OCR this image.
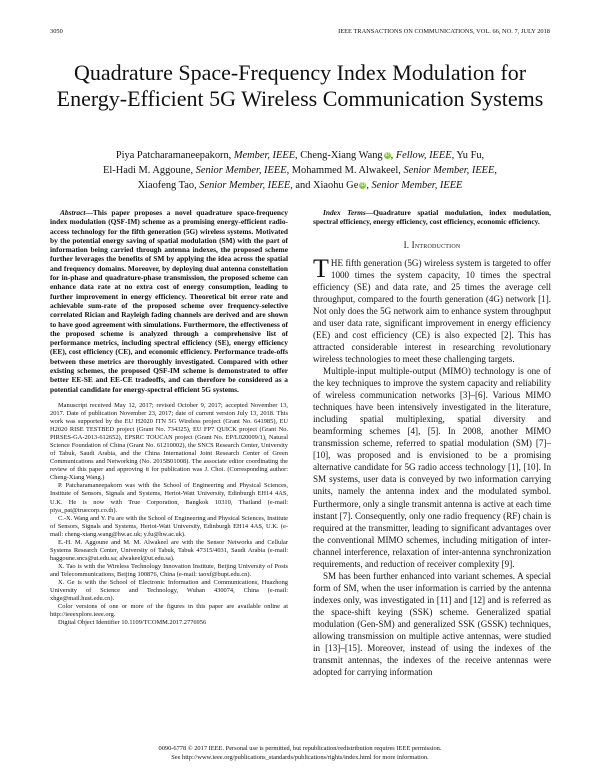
3050	IEEE TRANSACTIONS ON COMMUNICATIONS, VOL. 66, NO. 7, JULY 2018
Quadrature Space-Frequency Index Modulation for Energy-Efficient 5G Wireless Communication Systems
Piya Patcharamaneepakorn, Member, IEEE, Cheng-Xiang Wang iD, Fellow, IEEE, Yu Fu,
El-Hadi M. Aggoune, Senior Member, IEEE, Mohammed M. Alwakeel, Senior Member, IEEE,
Xiaofeng Tao, Senior Member, IEEE, and Xiaohu Ge iD, Senior Member, IEEE

Abstract—This paper proposes a novel quadrature space-frequency index modulation (QSF-IM) scheme as a promising energy-efficient radio-access technology for the fifth generation (5G) wireless systems. Motivated by the potential energy saving of spatial modulation (SM) with the part of information being carried through antenna indexes, the proposed scheme further leverages the benefits of SM by applying the idea across the spatial and frequency domains. Moreover, by deploying dual antenna constellation for in-phase and quadrature-phase transmission, the proposed scheme can enhance data rate at no extra cost of energy consumption, leading to further improvement in energy efficiency. Theoretical bit error rate and achievable sum-rate of the proposed scheme over frequency-selective correlated Rician and Rayleigh fading channels are derived and are shown to have good agreement with simulations. Furthermore, the effectiveness of the proposed scheme is analyzed through a comprehensive list of performance metrics, including spectral efficiency (SE), energy efficiency (EE), cost efficiency (CE), and economic efficiency. Performance trade-offs between these metrics are thoroughly investigated. Compared with other existing schemes, the proposed QSF-IM scheme is demonstrated to offer better EE-SE and EE-CE tradeoffs, and can therefore be considered as a potential candidate for energy-spectral efficient 5G systems.

Manuscript received May 12, 2017; revised October 9, 2017; accepted November 13, 2017. Date of publication November 23, 2017; date of current version July 13, 2018. This work was supported by the EU H2020 ITN 5G Wireless project (Grant No. 641985), EU H2020 RISE TESTBED project (Grant No. 734325), EU FP7 QUICK project (Grant No. PIRSES-GA-2013-612652), EPSRC TOUCAN project (Grant No. EP/L020009/1), Natural Science Foundation of China (Grant No. 61210002), the SNCS Research Center, University of Tabuk, Saudi Arabia, and the China International Joint Research Center of Green Communications and Networking (No. 2015B01008). The associate editor coordinating the review of this paper and approving it for publication was J. Choi. (Corresponding author: Cheng-Xiang Wang.)

P. Patcharamaneepakorn was with the School of Engineering and Physical Sciences, Institute of Sensors, Signals and Systems, Heriot-Watt University, Edinburgh EH14 4AS, U.K. He is now with True Corporation, Bangkok 10310, Thailand (e-mail: piya_pat@truecorp.co.th).

C.-X. Wang and Y. Fu are with the School of Engineering and Physical Sciences, Institute of Sensors, Signals and Systems, Heriot-Watt University, Edinburgh EH14 4AS, U.K. (e-mail: cheng-xiang.wang@hw.ac.uk; y.fu@hw.ac.uk).

E.-H. M. Aggoune and M. M. Alwakeel are with the Sensor Networks and Cellular Systems Research Center, University of Tabuk, Tabuk 47315/4031, Saudi Arabia (e-mail: haggoune.sncs@ut.edu.sa; alwakeel@ut.edu.sa).

X. Tao is with the Wireless Technology Innovation Institute, Beijing University of Posts and Telecommunications, Beijing 100876, China (e-mail: taoxf@bupt.edu.cn).

X. Ge is with the School of Electronic Information and Communications, Huazhong University of Science and Technology, Wuhan 430074, China (e-mail: xhge@mail.hust.edu.cn).

Color versions of one or more of the figures in this paper are available online at http://ieeexplore.ieee.org.

Digital Object Identifier 10.1109/TCOMM.2017.2776956

Index Terms—Quadrature spatial modulation, index modulation, spectral efficiency, energy efficiency, cost efficiency, economic efficiency.

I. Introduction

THE fifth generation (5G) wireless system is targeted to offer 1000 times the system capacity, 10 times the spectral efficiency (SE) and data rate, and 25 times the average cell throughput, compared to the fourth generation (4G) network [1]. Not only does the 5G network aim to enhance system throughput and user data rate, significant improvement in energy efficiency (EE) and cost efficiency (CE) is also expected [2]. This has attracted considerable interest in researching revolutionary wireless technologies to meet these challenging targets.

Multiple-input multiple-output (MIMO) technology is one of the key techniques to improve the system capacity and reliability of wireless communication networks [3]–[6]. Various MIMO techniques have been intensively investigated in the literature, including spatial multiplexing, spatial diversity and beamforming schemes [4], [5]. In 2008, another MIMO transmission scheme, referred to spatial modulation (SM) [7]–[10], was proposed and is envisioned to be a promising alternative candidate for 5G radio access technology [1], [10]. In SM systems, user data is conveyed by two information carrying units, namely the antenna index and the modulated symbol. Furthermore, only a single transmit antenna is active at each time instant [7]. Consequently, only one radio frequency (RF) chain is required at the transmitter, leading to significant advantages over the conventional MIMO schemes, including mitigation of inter-channel interference, relaxation of inter-antenna synchronization requirements, and reduction of receiver complexity [9].

SM has been further enhanced into variant schemes. A special form of SM, when the user information is carried by the antenna indexes only, was investigated in [11] and [12] and is referred as the space-shift keying (SSK) scheme. Generalized spatial modulation (Gen-SM) and generalized SSK (GSSK) techniques, allowing transmission on multiple active antennas, were studied in [13]–[15]. Moreover, instead of using the indexes of the transmit antennas, the indexes of the receive antennas were adopted for carrying information

0090-6778 © 2017 IEEE. Personal use is permitted, but republication/redistribution requires IEEE permission.
See http://www.ieee.org/publications_standards/publications/rights/index.html for more information.
